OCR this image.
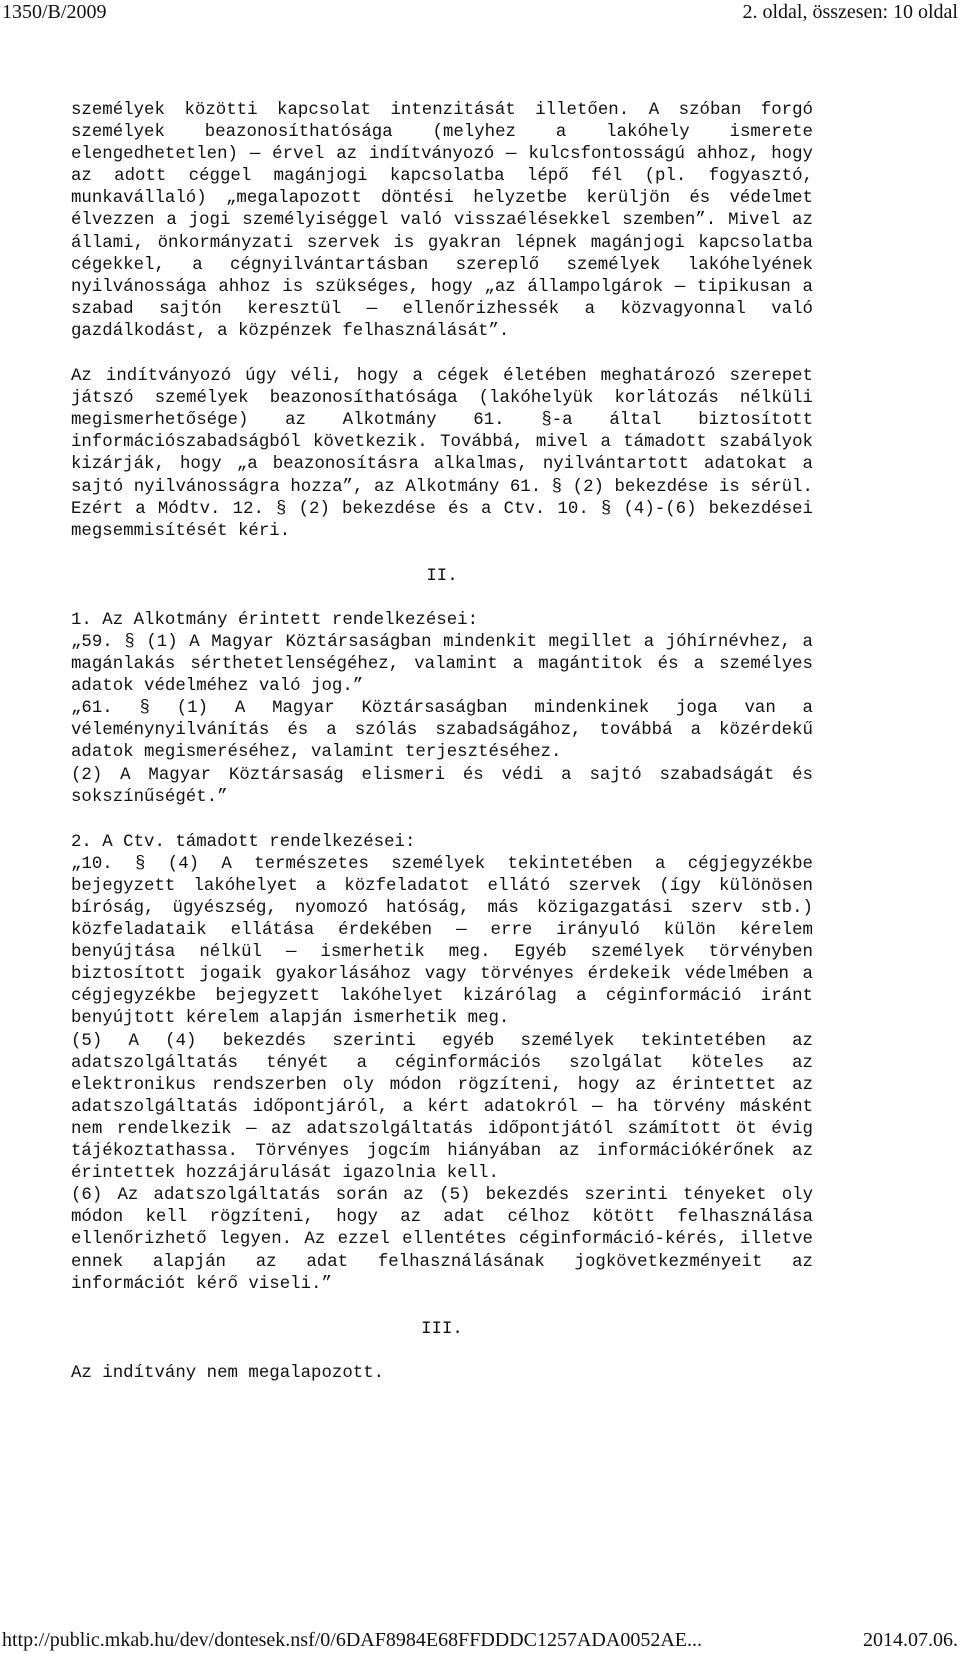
1350/B/2009	2. oldal, összesen: 10 oldal

személyek közötti kapcsolat intenzitását illetően. A szóban forgó személyek beazonosíthatósága (melyhez a lakóhely ismerete elengedhetetlen) — érvel az indítványozó — kulcsfontosságú ahhoz, hogy az adott céggel magánjogi kapcsolatba lépő fél (pl. fogyasztó, munkavállaló) „megalapozott döntési helyzetbe kerüljön és védelmet élvezzen a jogi személyiséggel való visszaélésekkel szemben”. Mivel az állami, önkormányzati szervek is gyakran lépnek magánjogi kapcsolatba cégekkel, a cégnyilvántartásban szereplő személyek lakóhelyének nyilvánossága ahhoz is szükséges, hogy „az állampolgárok — tipikusan a szabad sajtón keresztül — ellenőrizhessék a közvagyonnal való gazdálkodást, a közpénzek felhasználását”.

Az indítványozó úgy véli, hogy a cégek életében meghatározó szerepet játszó személyek beazonosíthatósága (lakóhelyük korlátozás nélküli megismerhetősége) az Alkotmány 61. §-a által biztosított információszabadságból következik. Továbbá, mivel a támadott szabályok kizárják, hogy „a beazonosításra alkalmas, nyilvántartott adatokat a sajtó nyilvánosságra hozza”, az Alkotmány 61. § (2) bekezdése is sérül. Ezért a Módtv. 12. § (2) bekezdése és a Ctv. 10. § (4)-(6) bekezdései megsemmisítését kéri.

II.

1. Az Alkotmány érintett rendelkezései:

„59. § (1) A Magyar Köztársaságban mindenkit megillet a jóhírnévhez, a magánlakás sérthetetlenségéhez, valamint a magántitok és a személyes adatok védelméhez való jog.”

„61. § (1) A Magyar Köztársaságban mindenkinek joga van a véleménynyilvánítás és a szólás szabadságához, továbbá a közérdekű adatok megismeréséhez, valamint terjesztéséhez.

(2) A Magyar Köztársaság elismeri és védi a sajtó szabadságát és sokszínűségét.”

2. A Ctv. támadott rendelkezései:

„10. § (4) A természetes személyek tekintetében a cégjegyzékbe bejegyzett lakóhelyet a közfeladatot ellátó szervek (így különösen bíróság, ügyészség, nyomozó hatóság, más közigazgatási szerv stb.) közfeladataik ellátása érdekében — erre irányuló külön kérelem benyújtása nélkül — ismerhetik meg. Egyéb személyek törvényben biztosított jogaik gyakorlásához vagy törvényes érdekeik védelmében a cégjegyzékbe bejegyzett lakóhelyet kizárólag a céginformáció iránt benyújtott kérelem alapján ismerhetik meg.

(5) A (4) bekezdés szerinti egyéb személyek tekintetében az adatszolgáltatás tényét a céginformációs szolgálat köteles az elektronikus rendszerben oly módon rögzíteni, hogy az érintettet az adatszolgáltatás időpontjáról, a kért adatokról — ha törvény másként nem rendelkezik — az adatszolgáltatás időpontjától számított öt évig tájékoztathassa. Törvényes jogcím hiányában az információkérőnek az érintettek hozzájárulását igazolnia kell.

(6) Az adatszolgáltatás során az (5) bekezdés szerinti tényeket oly módon kell rögzíteni, hogy az adat célhoz kötött felhasználása ellenőrizhető legyen. Az ezzel ellentétes céginformáció-kérés, illetve ennek alapján az adat felhasználásának jogkövetkezményeit az információt kérő viseli.”

III.

Az indítvány nem megalapozott.

http://public.mkab.hu/dev/dontesek.nsf/0/6DAF8984E68FFDDDC1257ADA0052AE...	2014.07.06.
